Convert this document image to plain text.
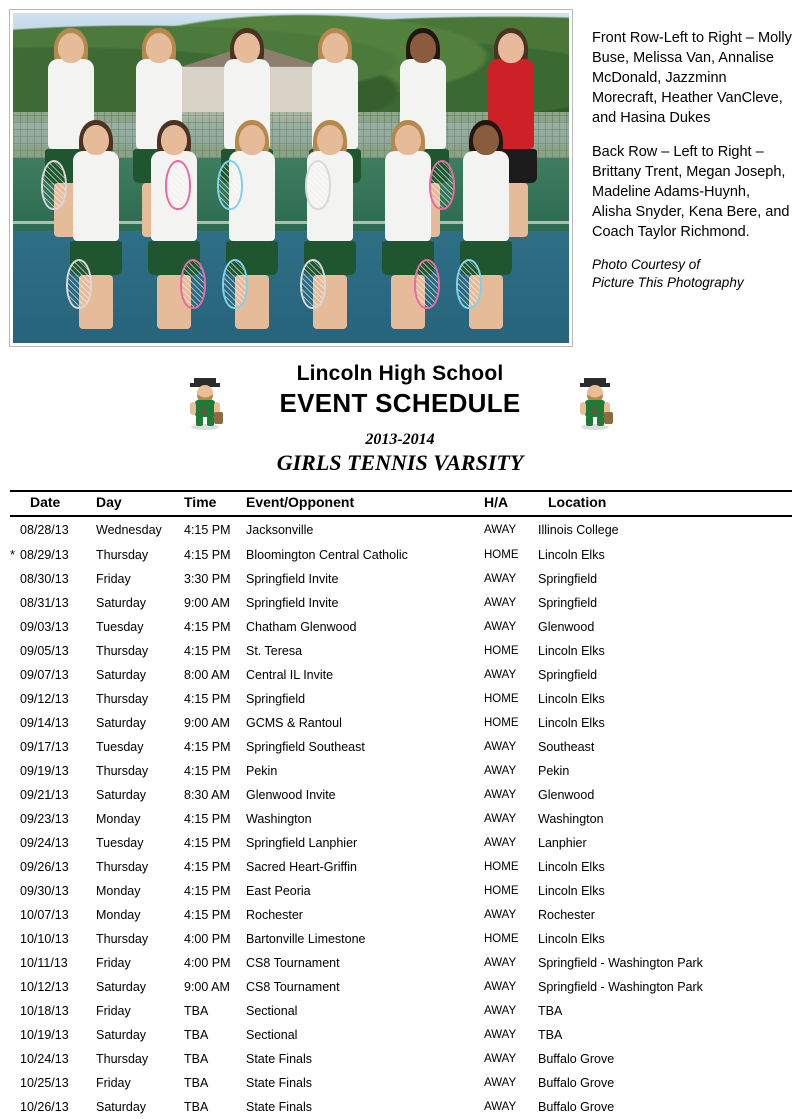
Front Row-Left to Right – Molly Buse, Melissa Van, Annalise McDonald, Jazzminn Morecraft, Heather VanCleve, and Hasina Dukes

Back Row – Left to Right – Brittany Trent, Megan Joseph, Madeline Adams-Huynh, Alisha Snyder, Kena Bere, and Coach Taylor Richmond.

Photo Courtesy of
Picture This Photography
L	L
Lincoln High School
EVENT SCHEDULE
2013-2014
GIRLS TENNIS VARSITY
	Date	Day	Time	Event/Opponent	H/A	Location
	08/28/13	Wednesday	4:15 PM	Jacksonville	AWAY	Illinois College
*	08/29/13	Thursday	4:15 PM	Bloomington Central Catholic	HOME	Lincoln Elks
	08/30/13	Friday	3:30 PM	Springfield Invite	AWAY	Springfield
	08/31/13	Saturday	9:00 AM	Springfield Invite	AWAY	Springfield
	09/03/13	Tuesday	4:15 PM	Chatham Glenwood	AWAY	Glenwood
	09/05/13	Thursday	4:15 PM	St. Teresa	HOME	Lincoln Elks
	09/07/13	Saturday	8:00 AM	Central IL Invite	AWAY	Springfield
	09/12/13	Thursday	4:15 PM	Springfield	HOME	Lincoln Elks
	09/14/13	Saturday	9:00 AM	GCMS & Rantoul	HOME	Lincoln Elks
	09/17/13	Tuesday	4:15 PM	Springfield Southeast	AWAY	Southeast
	09/19/13	Thursday	4:15 PM	Pekin	AWAY	Pekin
	09/21/13	Saturday	8:30 AM	Glenwood Invite	AWAY	Glenwood
	09/23/13	Monday	4:15 PM	Washington	AWAY	Washington
	09/24/13	Tuesday	4:15 PM	Springfield Lanphier	AWAY	Lanphier
	09/26/13	Thursday	4:15 PM	Sacred Heart-Griffin	HOME	Lincoln Elks
	09/30/13	Monday	4:15 PM	East Peoria	HOME	Lincoln Elks
	10/07/13	Monday	4:15 PM	Rochester	AWAY	Rochester
	10/10/13	Thursday	4:00 PM	Bartonville Limestone	HOME	Lincoln Elks
	10/11/13	Friday	4:00 PM	CS8 Tournament	AWAY	Springfield - Washington Park
	10/12/13	Saturday	9:00 AM	CS8 Tournament	AWAY	Springfield - Washington Park
	10/18/13	Friday	TBA	Sectional	AWAY	TBA
	10/19/13	Saturday	TBA	Sectional	AWAY	TBA
	10/24/13	Thursday	TBA	State Finals	AWAY	Buffalo Grove
	10/25/13	Friday	TBA	State Finals	AWAY	Buffalo Grove
	10/26/13	Saturday	TBA	State Finals	AWAY	Buffalo Grove
